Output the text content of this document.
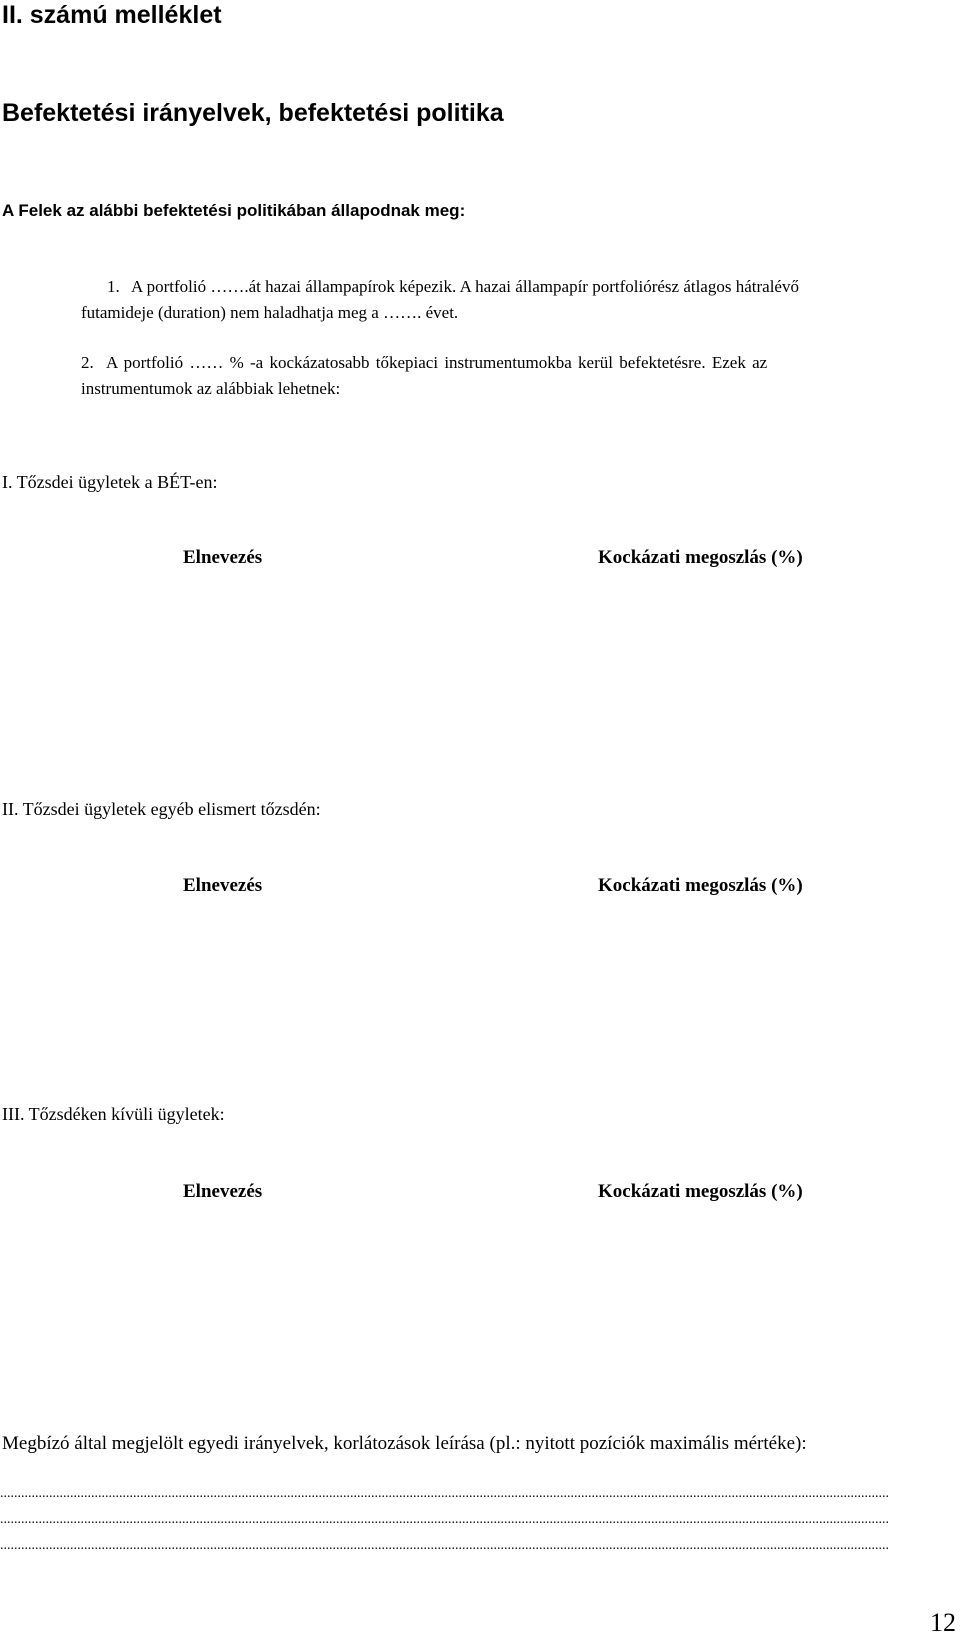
II. számú melléklet
Befektetési irányelvek, befektetési politika
A Felek az alábbi befektetési politikában állapodnak meg:
1. A portfolió …….át hazai állampapírok képezik. A hazai állampapír portfoliórész átlagos hátralévő
futamideje (duration) nem haladhatja meg a ……. évet.
2. A portfolió …… % -a kockázatosabb tőkepiaci instrumentumokba kerül befektetésre. Ezek az
instrumentumok az alábbiak lehetnek:
I. Tőzsdei ügyletek a BÉT-en:
Elnevezés	Kockázati megoszlás (%)
II. Tőzsdei ügyletek egyéb elismert tőzsdén:
Elnevezés	Kockázati megoszlás (%)
III. Tőzsdéken kívüli ügyletek:
Elnevezés	Kockázati megoszlás (%)
Megbízó által megjelölt egyedi irányelvek, korlátozások leírása (pl.: nyitott pozíciók maximális mértéke):
..............................................................................................................................................................................................................................................................
..............................................................................................................................................................................................................................................................
..............................................................................................................................................................................................................................................................
12
